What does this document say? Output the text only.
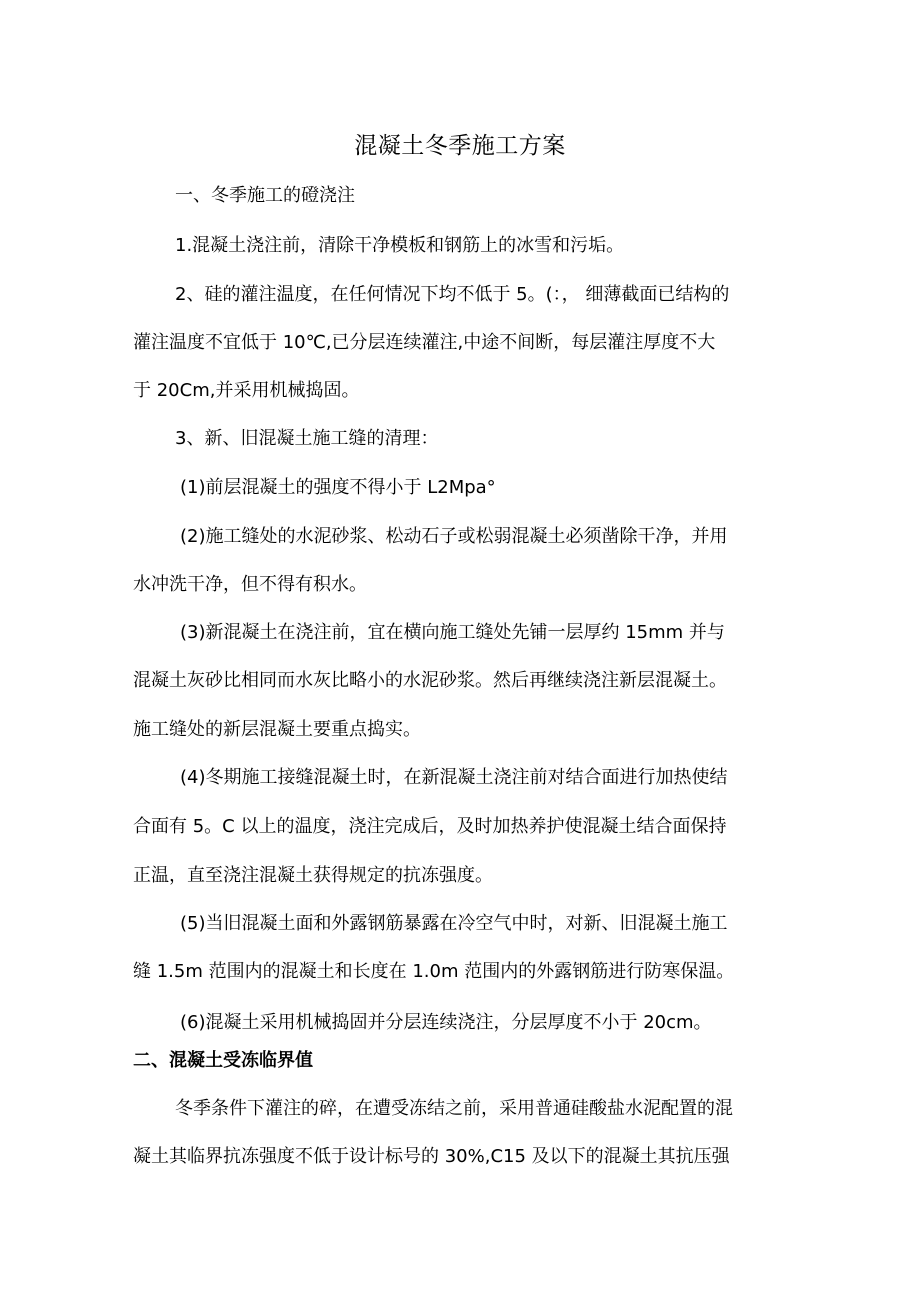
混凝土冬季施工方案

一、冬季施工的磴浇注

1.混凝土浇注前，清除干净模板和钢筋上的冰雪和污垢。

2、硅的灌注温度，在任何情况下均不低于 5。(：， 细薄截面已结构的

灌注温度不宜低于 10℃,已分层连续灌注,中途不间断，每层灌注厚度不大

于 20Cm,并采用机械捣固。

3、新、旧混凝土施工缝的清理：

(1)前层混凝土的强度不得小于 L2Mpa°

(2)施工缝处的水泥砂浆、松动石子或松弱混凝土必须凿除干净，并用

水冲洗干净，但不得有积水。

(3)新混凝土在浇注前，宜在横向施工缝处先铺一层厚约 15mm 并与

混凝土灰砂比相同而水灰比略小的水泥砂浆。然后再继续浇注新层混凝土。

施工缝处的新层混凝土要重点捣实。

(4)冬期施工接缝混凝土时，在新混凝土浇注前对结合面进行加热使结

合面有 5。C 以上的温度，浇注完成后，及时加热养护使混凝土结合面保持

正温，直至浇注混凝土获得规定的抗冻强度。

(5)当旧混凝土面和外露钢筋暴露在冷空气中时，对新、旧混凝土施工

缝 1.5m 范围内的混凝土和长度在 1.0m 范围内的外露钢筋进行防寒保温。

(6)混凝土采用机械捣固并分层连续浇注，分层厚度不小于 20cm。

二、混凝土受冻临界值

冬季条件下灌注的碎，在遭受冻结之前，采用普通硅酸盐水泥配置的混

凝土其临界抗冻强度不低于设计标号的 30%,C15 及以下的混凝土其抗压强
